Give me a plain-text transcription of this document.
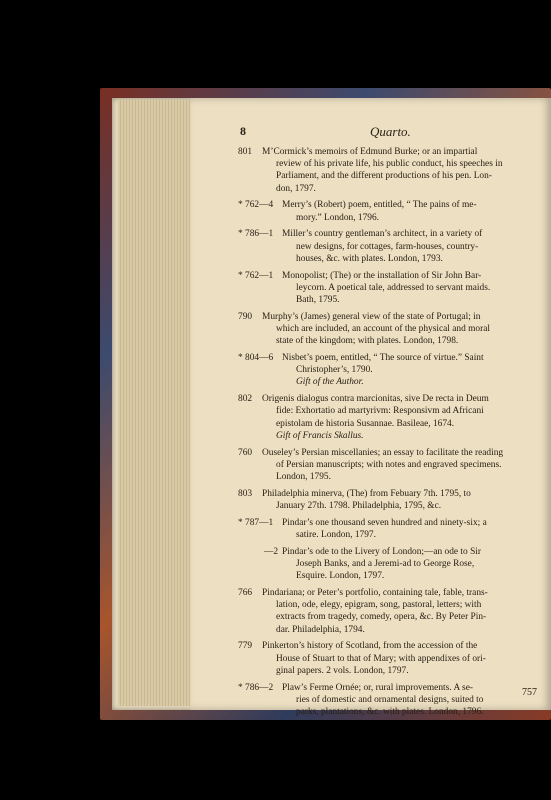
8	Quarto.
801 M’Cormick’s memoirs of Edmund Burke; or an impartial
review of his private life, his public conduct, his speeches in
Parliament, and the different productions of his pen. Lon-
don, 1797.
* 762—4 Merry’s (Robert) poem, entitled, “ The pains of me-
mory.” London, 1796.
* 786—1 Miller’s country gentleman’s architect, in a variety of
new designs, for cottages, farm-houses, country-
houses, &c. with plates. London, 1793.
* 762—1 Monopolist; (The) or the installation of Sir John Bar-
leycorn. A poetical tale, addressed to servant maids.
Bath, 1795.
790 Murphy’s (James) general view of the state of Portugal; in
which are included, an account of the physical and moral
state of the kingdom; with plates. London, 1798.
* 804—6 Nisbet’s poem, entitled, “ The source of virtue.” Saint
Christopher’s, 1790.
Gift of the Author.
802 Origenis dialogus contra marcionitas, sive De recta in Deum
fide: Exhortatio ad martyrivm: Responsivm ad Africani
epistolam de historia Susannae. Basileae, 1674.
Gift of Francis Skallus.
760 Ouseley’s Persian miscellanies; an essay to facilitate the reading
of Persian manuscripts; with notes and engraved specimens.
London, 1795.
803 Philadelphia minerva, (The) from Febuary 7th. 1795, to
January 27th. 1798. Philadelphia, 1795, &c.
* 787—1 Pindar’s one thousand seven hundred and ninety-six; a
satire. London, 1797.
—2 Pindar’s ode to the Livery of London;—an ode to Sir
Joseph Banks, and a Jeremi-ad to George Rose,
Esquire. London, 1797.
766 Pindariana; or Peter’s portfolio, containing tale, fable, trans-
lation, ode, elegy, epigram, song, pastoral, letters; with
extracts from tragedy, comedy, opera, &c. By Peter Pin-
dar. Philadelphia, 1794.
779 Pinkerton’s history of Scotland, from the accession of the
House of Stuart to that of Mary; with appendixes of ori-
ginal papers. 2 vols. London, 1797.
* 786—2 Plaw’s Ferme Ornée; or, rural improvements. A se-
ries of domestic and ornamental designs, suited to
parks, plantations, &c. with plates. London, 1796.
757
